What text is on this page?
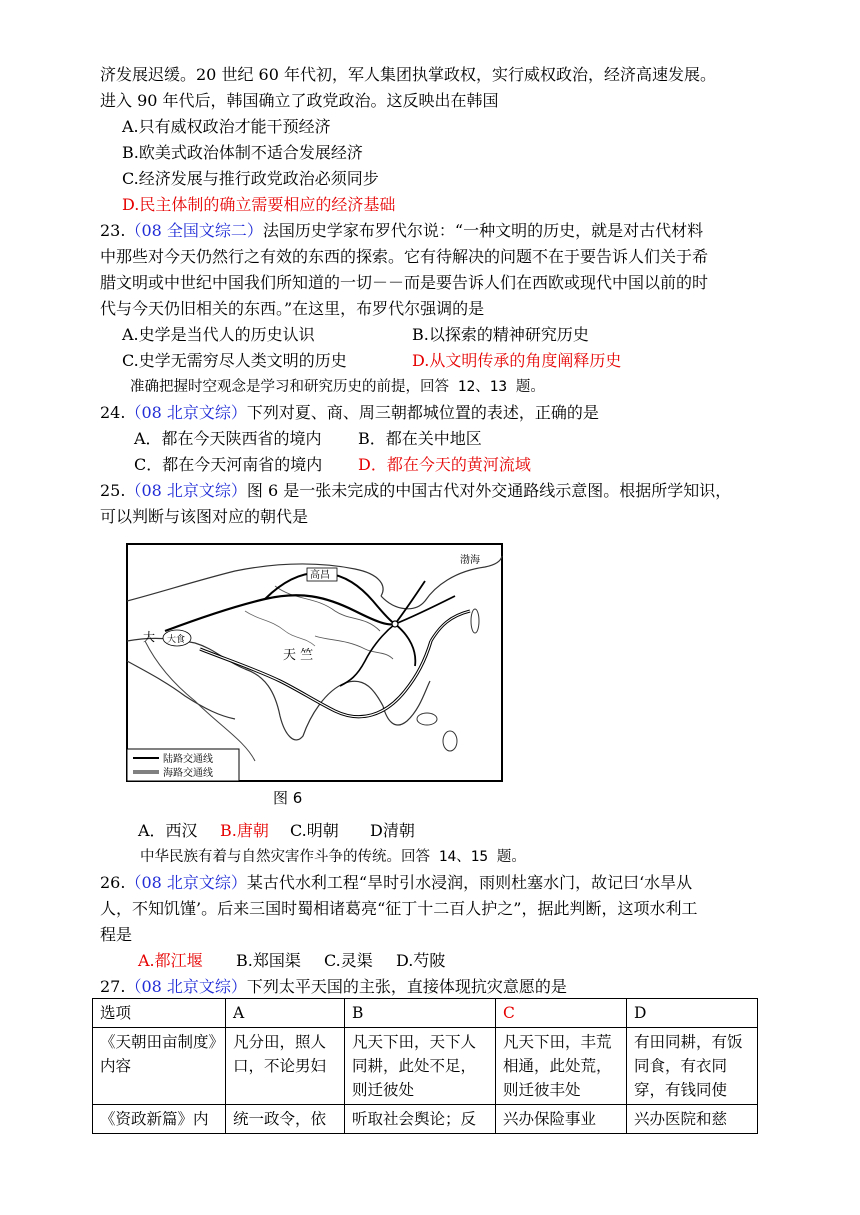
济发展迟缓。20 世纪 60 年代初，军人集团执掌政权，实行威权政治，经济高速发展。
进入 90 年代后，韩国确立了政党政治。这反映出在韩国
A.只有威权政治才能干预经济
B.欧美式政治体制不适合发展经济
C.经济发展与推行政党政治必须同步
D.民主体制的确立需要相应的经济基础
23.（08 全国文综二）法国历史学家布罗代尔说：“一种文明的历史，就是对古代材料
中那些对今天仍然行之有效的东西的探索。它有待解决的问题不在于要告诉人们关于希
腊文明或中世纪中国我们所知道的一切－－而是要告诉人们在西欧或现代中国以前的时
代与今天仍旧相关的东西。”在这里，布罗代尔强调的是
A.史学是当代人的历史认识	B.以探索的精神研究历史
C.史学无需穷尽人类文明的历史	D.从文明传承的角度阐释历史
准确把握时空观念是学习和研究历史的前提，回答 12、13 题。
24.（08 北京文综）下列对夏、商、周三朝都城位置的表述，正确的是
A．都在今天陕西省的境内 B．都在关中地区
C．都在今天河南省的境内 D．都在今天的黄河流域
25.（08 北京文综）图 6 是一张未完成的中国古代对外交通路线示意图。根据所学知识，
可以判断与该图对应的朝代是
高昌
渤海
大 大食
天 竺
陆路交通线
海路交通线
图 6
A．西汉 B.唐朝 C.明朝 D清朝
中华民族有着与自然灾害作斗争的传统。回答 14、15 题。
26.（08 北京文综）某古代水利工程“旱时引水浸润，雨则杜塞水门，故记曰‘水旱从
人，不知饥馑’。后来三国时蜀相诸葛亮“征丁十二百人护之”，据此判断，这项水利工
程是
A.都江堰 B.郑国渠 C.灵渠 D.芍陂
27.（08 北京文综）下列太平天国的主张，直接体现抗灾意愿的是
选项	A	B	C	D
《天朝田亩制度》内容	凡分田，照人口，不论男妇	凡天下田，天下人同耕，此处不足，则迁彼处	凡天下田，丰荒相通，此处荒，则迁彼丰处	有田同耕，有饭同食，有衣同穿，有钱同使
《资政新篇》内	统一政令，依	听取社会舆论；反	兴办保险事业	兴办医院和慈
